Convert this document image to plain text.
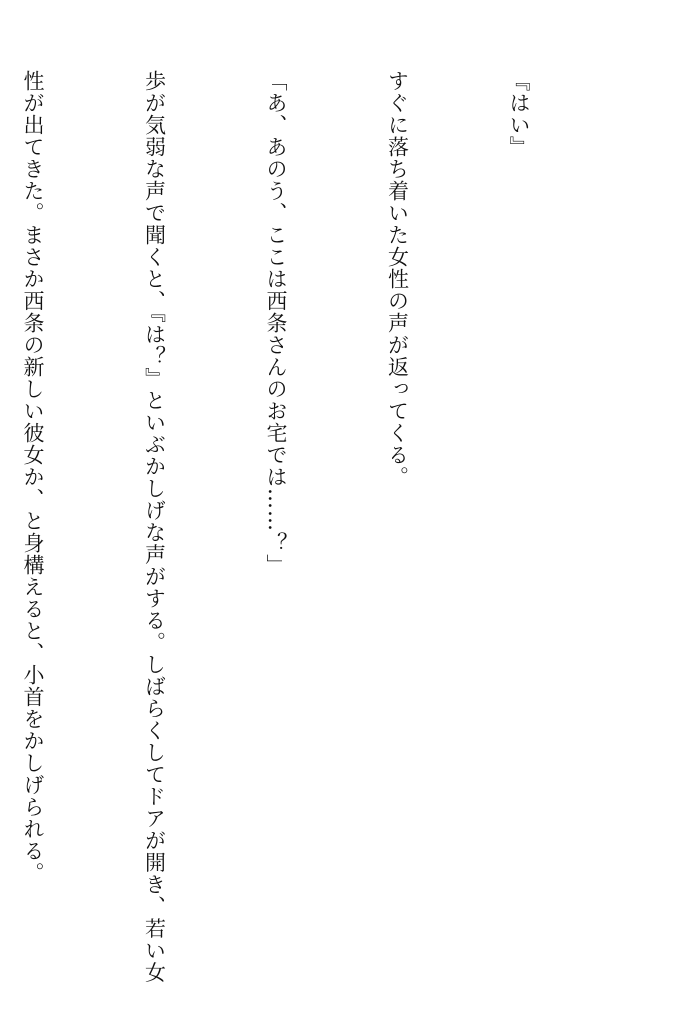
『はい』

すぐに落ち着いた女性の声が返ってくる。

「あ、あのう、ここは西条さんのお宅では……？」

歩が気弱な声で聞くと、『は？』といぶかしげな声がする。しばらくしてドアが開き、若い女

性が出てきた。まさか西条の新しい彼女か、と身構えると、小首をかしげられる。
